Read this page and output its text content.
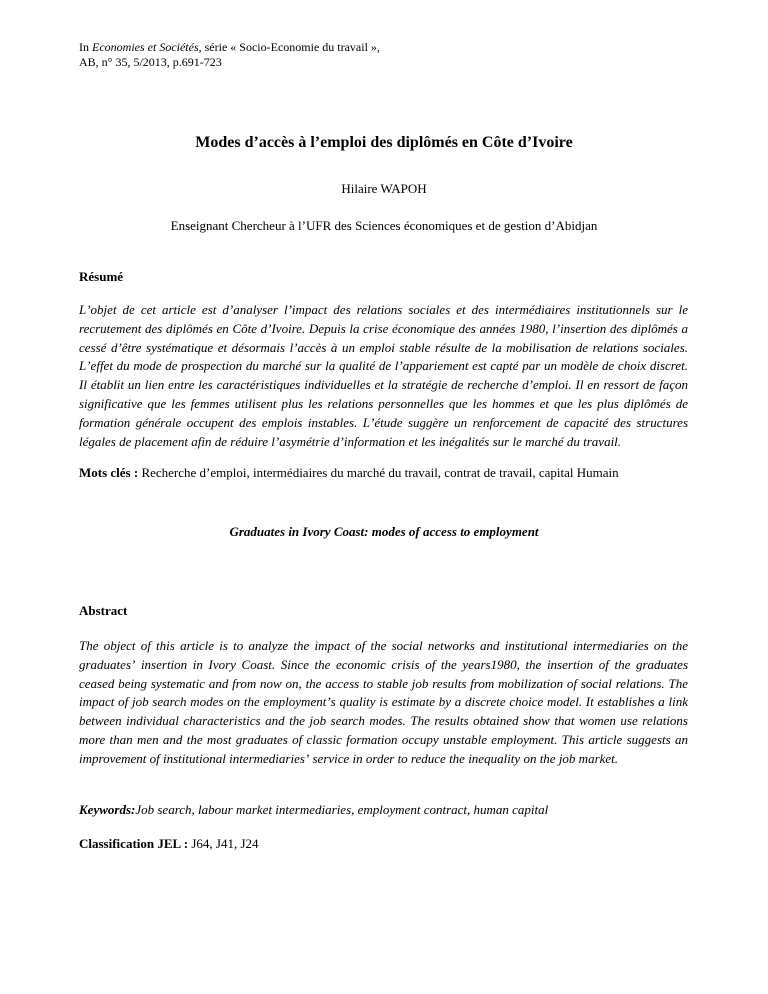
In Economies et Sociétés, série « Socio-Economie du travail »,
AB, n° 35, 5/2013, p.691-723
Modes dʼaccès à lʼemploi des diplômés en Côte dʼIvoire
Hilaire WAPOH
Enseignant Chercheur à lʼUFR des Sciences économiques et de gestion dʼAbidjan
Résumé

Lʼobjet de cet article est dʼanalyser lʼimpact des relations sociales et des intermédiaires institutionnels sur le recrutement des diplômés en Côte dʼIvoire. Depuis la crise économique des années 1980, lʼinsertion des diplômés a cessé dʼêtre systématique et désormais lʼaccès à un emploi stable résulte de la mobilisation de relations sociales. Lʼeffet du mode de prospection du marché sur la qualité de lʼappariement est capté par un modèle de choix discret. Il établit un lien entre les caractéristiques individuelles et la stratégie de recherche dʼemploi. Il en ressort de façon significative que les femmes utilisent plus les relations personnelles que les hommes et que les plus diplômés de formation générale occupent des emplois instables. Lʼétude suggère un renforcement de capacité des structures légales de placement afin de réduire lʼasymétrie dʼinformation et les inégalités sur le marché du travail.

Mots clés : Recherche dʼemploi, intermédiaires du marché du travail, contrat de travail, capital Humain

Graduates in Ivory Coast: modes of access to employment
Abstract

The object of this article is to analyze the impact of the social networks and institutional intermediaries on the graduatesʼ insertion in Ivory Coast. Since the economic crisis of the years1980, the insertion of the graduates ceased being systematic and from now on, the access to stable job results from mobilization of social relations. The impact of job search modes on the employmentʼs quality is estimate by a discrete choice model. It establishes a link between individual characteristics and the job search modes. The results obtained show that women use relations more than men and the most graduates of classic formation occupy unstable employment. This article suggests an improvement of institutional intermediariesʼ service in order to reduce the inequality on the job market.

Keywords:Job search, labour market intermediaries, employment contract, human capital

Classification JEL : J64, J41, J24
